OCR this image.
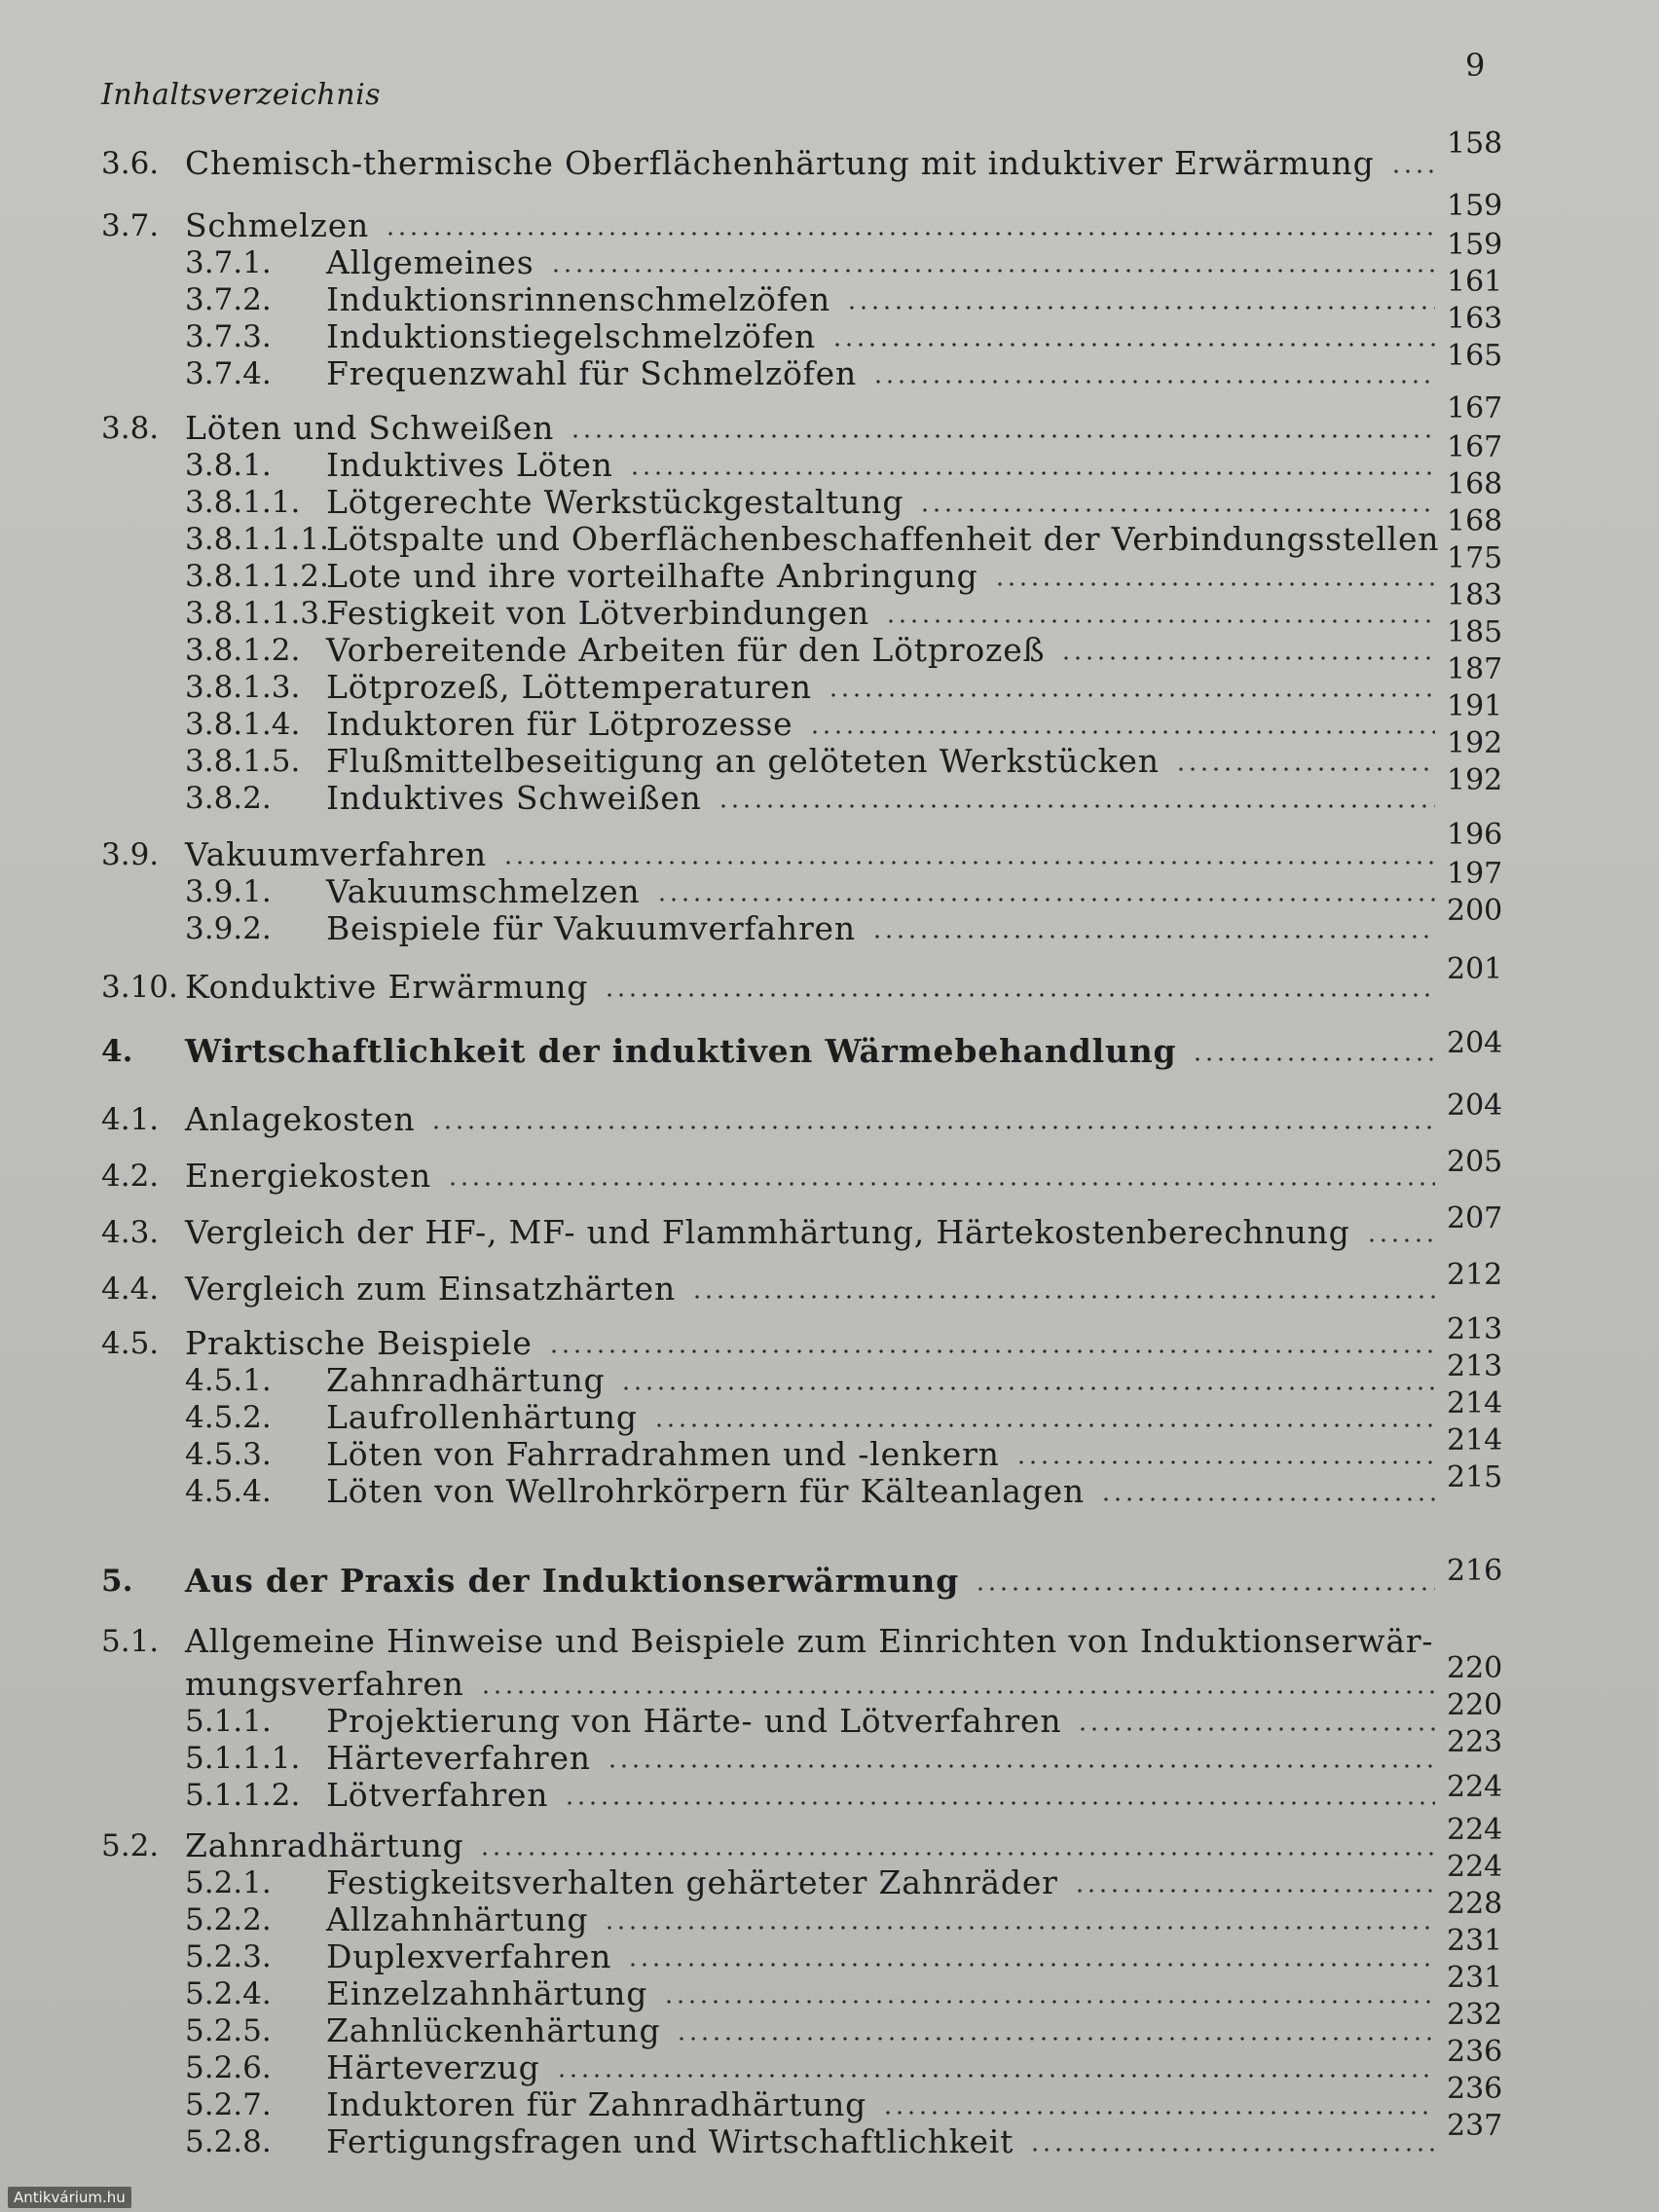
Inhaltsverzeichnis
9
3.6. Chemisch-thermische Oberflächenhärtung mit induktiver Erwärmung
158
3.7. Schmelzen
159
3.7.1. Allgemeines	159
3.7.2. Induktionsrinnenschmelzöfen	161
3.7.3. Induktionstiegelschmelzöfen	163
3.7.4. Frequenzwahl für Schmelzöfen	165
3.8. Löten und Schweißen
167
3.8.1. Induktives Löten	167
3.8.1.1. Lötgerechte Werkstückgestaltung	168
3.8.1.1.1.
Lötspalte und Oberflächenbeschaffenheit der Verbindungsstellen 168
3.8.1.1.2.
Lote und ihre vorteilhafte Anbringung	175
3.8.1.1.3.
Festigkeit von Lötverbindungen	183
3.8.1.2. Vorbereitende Arbeiten für den Lötprozeß	185
3.8.1.3. Lötprozeß, Löttemperaturen	187
3.8.1.4. Induktoren für Lötprozesse	191
3.8.1.5. Flußmittelbeseitigung an gelöteten Werkstücken	192
3.8.2. Induktives Schweißen	192
3.9. Vakuumverfahren
196
3.9.1. Vakuumschmelzen	197
3.9.2. Beispiele für Vakuumverfahren	200
3.10. Konduktive Erwärmung	201
4. Wirtschaftlichkeit der induktiven Wärmebehandlung	204
4.1. Anlagekosten	204
4.2. Energiekosten	205
4.3. Vergleich der HF-, MF- und Flammhärtung, Härtekostenberechnung	207
4.4. Vergleich zum Einsatzhärten	212
4.5. Praktische Beispiele	213
4.5.1. Zahnradhärtung	213
4.5.2. Laufrollenhärtung	214
4.5.3. Löten von Fahrradrahmen und -lenkern	214
4.5.4. Löten von Wellrohrkörpern für Kälteanlagen	215
5. Aus der Praxis der Induktionserwärmung	216
5.1. Allgemeine Hinweise und Beispiele zum Einrichten von Induktionserwär-
mungsverfahren	220
5.1.1. Projektierung von Härte- und Lötverfahren	220
5.1.1.1. Härteverfahren	223
5.1.1.2. Lötverfahren	224
5.2. Zahnradhärtung	224
5.2.1. Festigkeitsverhalten gehärteter Zahnräder	224
5.2.2. Allzahnhärtung	228
5.2.3. Duplexverfahren	231
5.2.4. Einzelzahnhärtung	231
5.2.5. Zahnlückenhärtung	232
5.2.6. Härteverzug	236
5.2.7. Induktoren für Zahnradhärtung	236
5.2.8. Fertigungsfragen und Wirtschaftlichkeit	237
Antikvárium.hu
